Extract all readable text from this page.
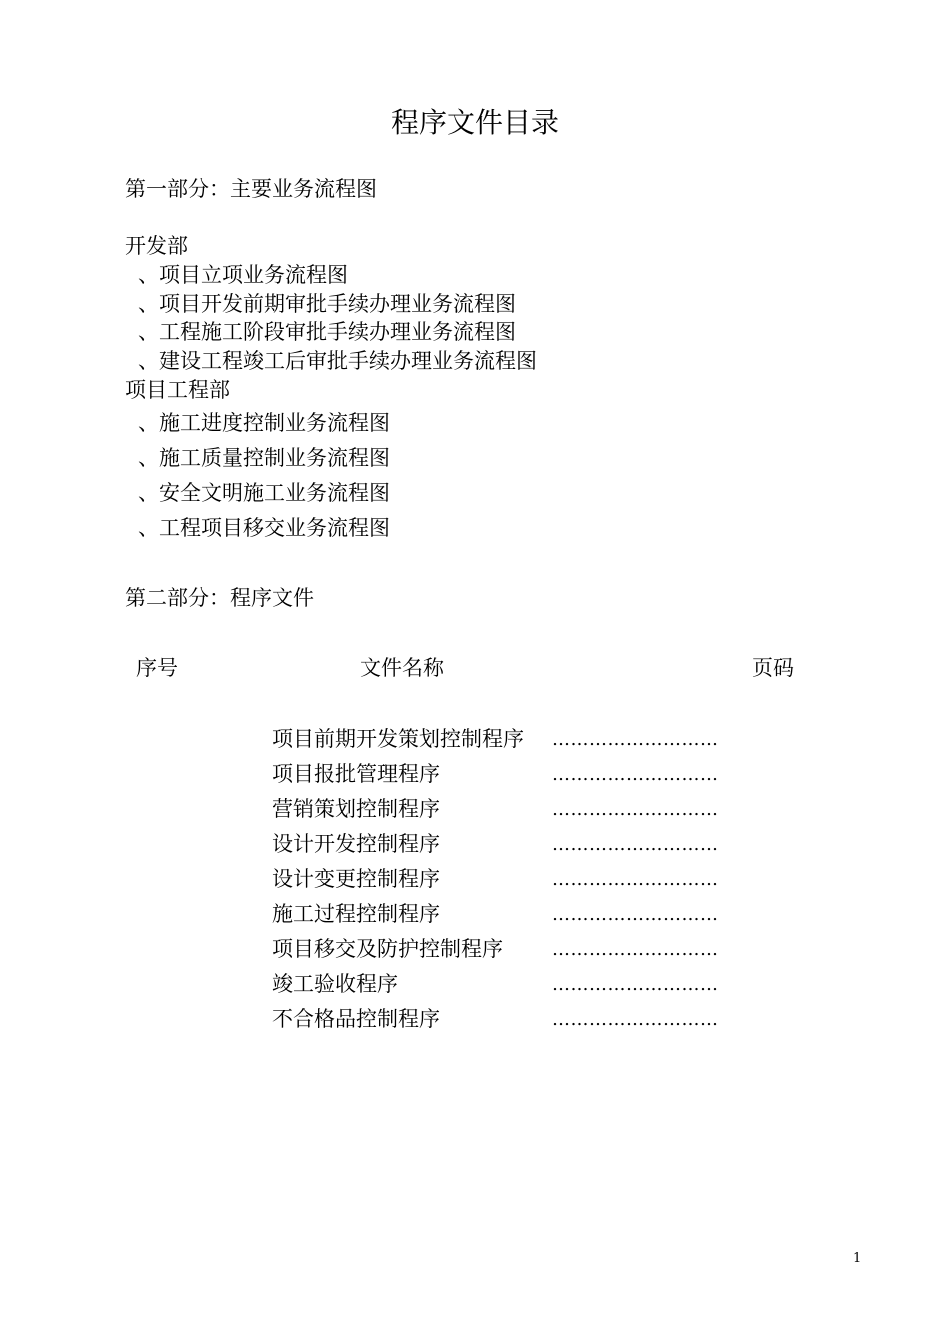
程序文件目录
第一部分：主要业务流程图
开发部
、项目立项业务流程图
、项目开发前期审批手续办理业务流程图
、工程施工阶段审批手续办理业务流程图
、建设工程竣工后审批手续办理业务流程图
项目工程部
、施工进度控制业务流程图
、施工质量控制业务流程图
、安全文明施工业务流程图
、工程项目移交业务流程图
第二部分：程序文件
序号	文件名称	页码
项目前期开发策划控制程序 ………………………
项目报批管理程序	………………………
营销策划控制程序	………………………
设计开发控制程序	………………………
设计变更控制程序	………………………
施工过程控制程序	………………………
项目移交及防护控制程序	………………………
竣工验收程序	………………………
不合格品控制程序	………………………
1
